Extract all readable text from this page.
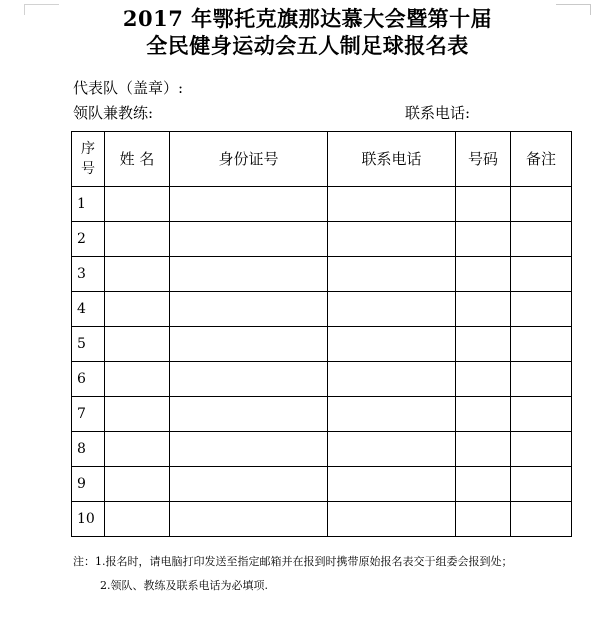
2017 年鄂托克旗那达慕大会暨第十届
全民健身运动会五人制足球报名表
代表队（盖章）:
领队兼教练:	联系电话:
序
号	姓 名	身份证号	联系电话	号码	备注
1					
2					
3					
4					
5					
6					
7					
8					
9					
10					
注：1.报名时，请电脑打印发送至指定邮箱并在报到时携带原始报名表交于组委会报到处；
2.领队、教练及联系电话为必填项.
